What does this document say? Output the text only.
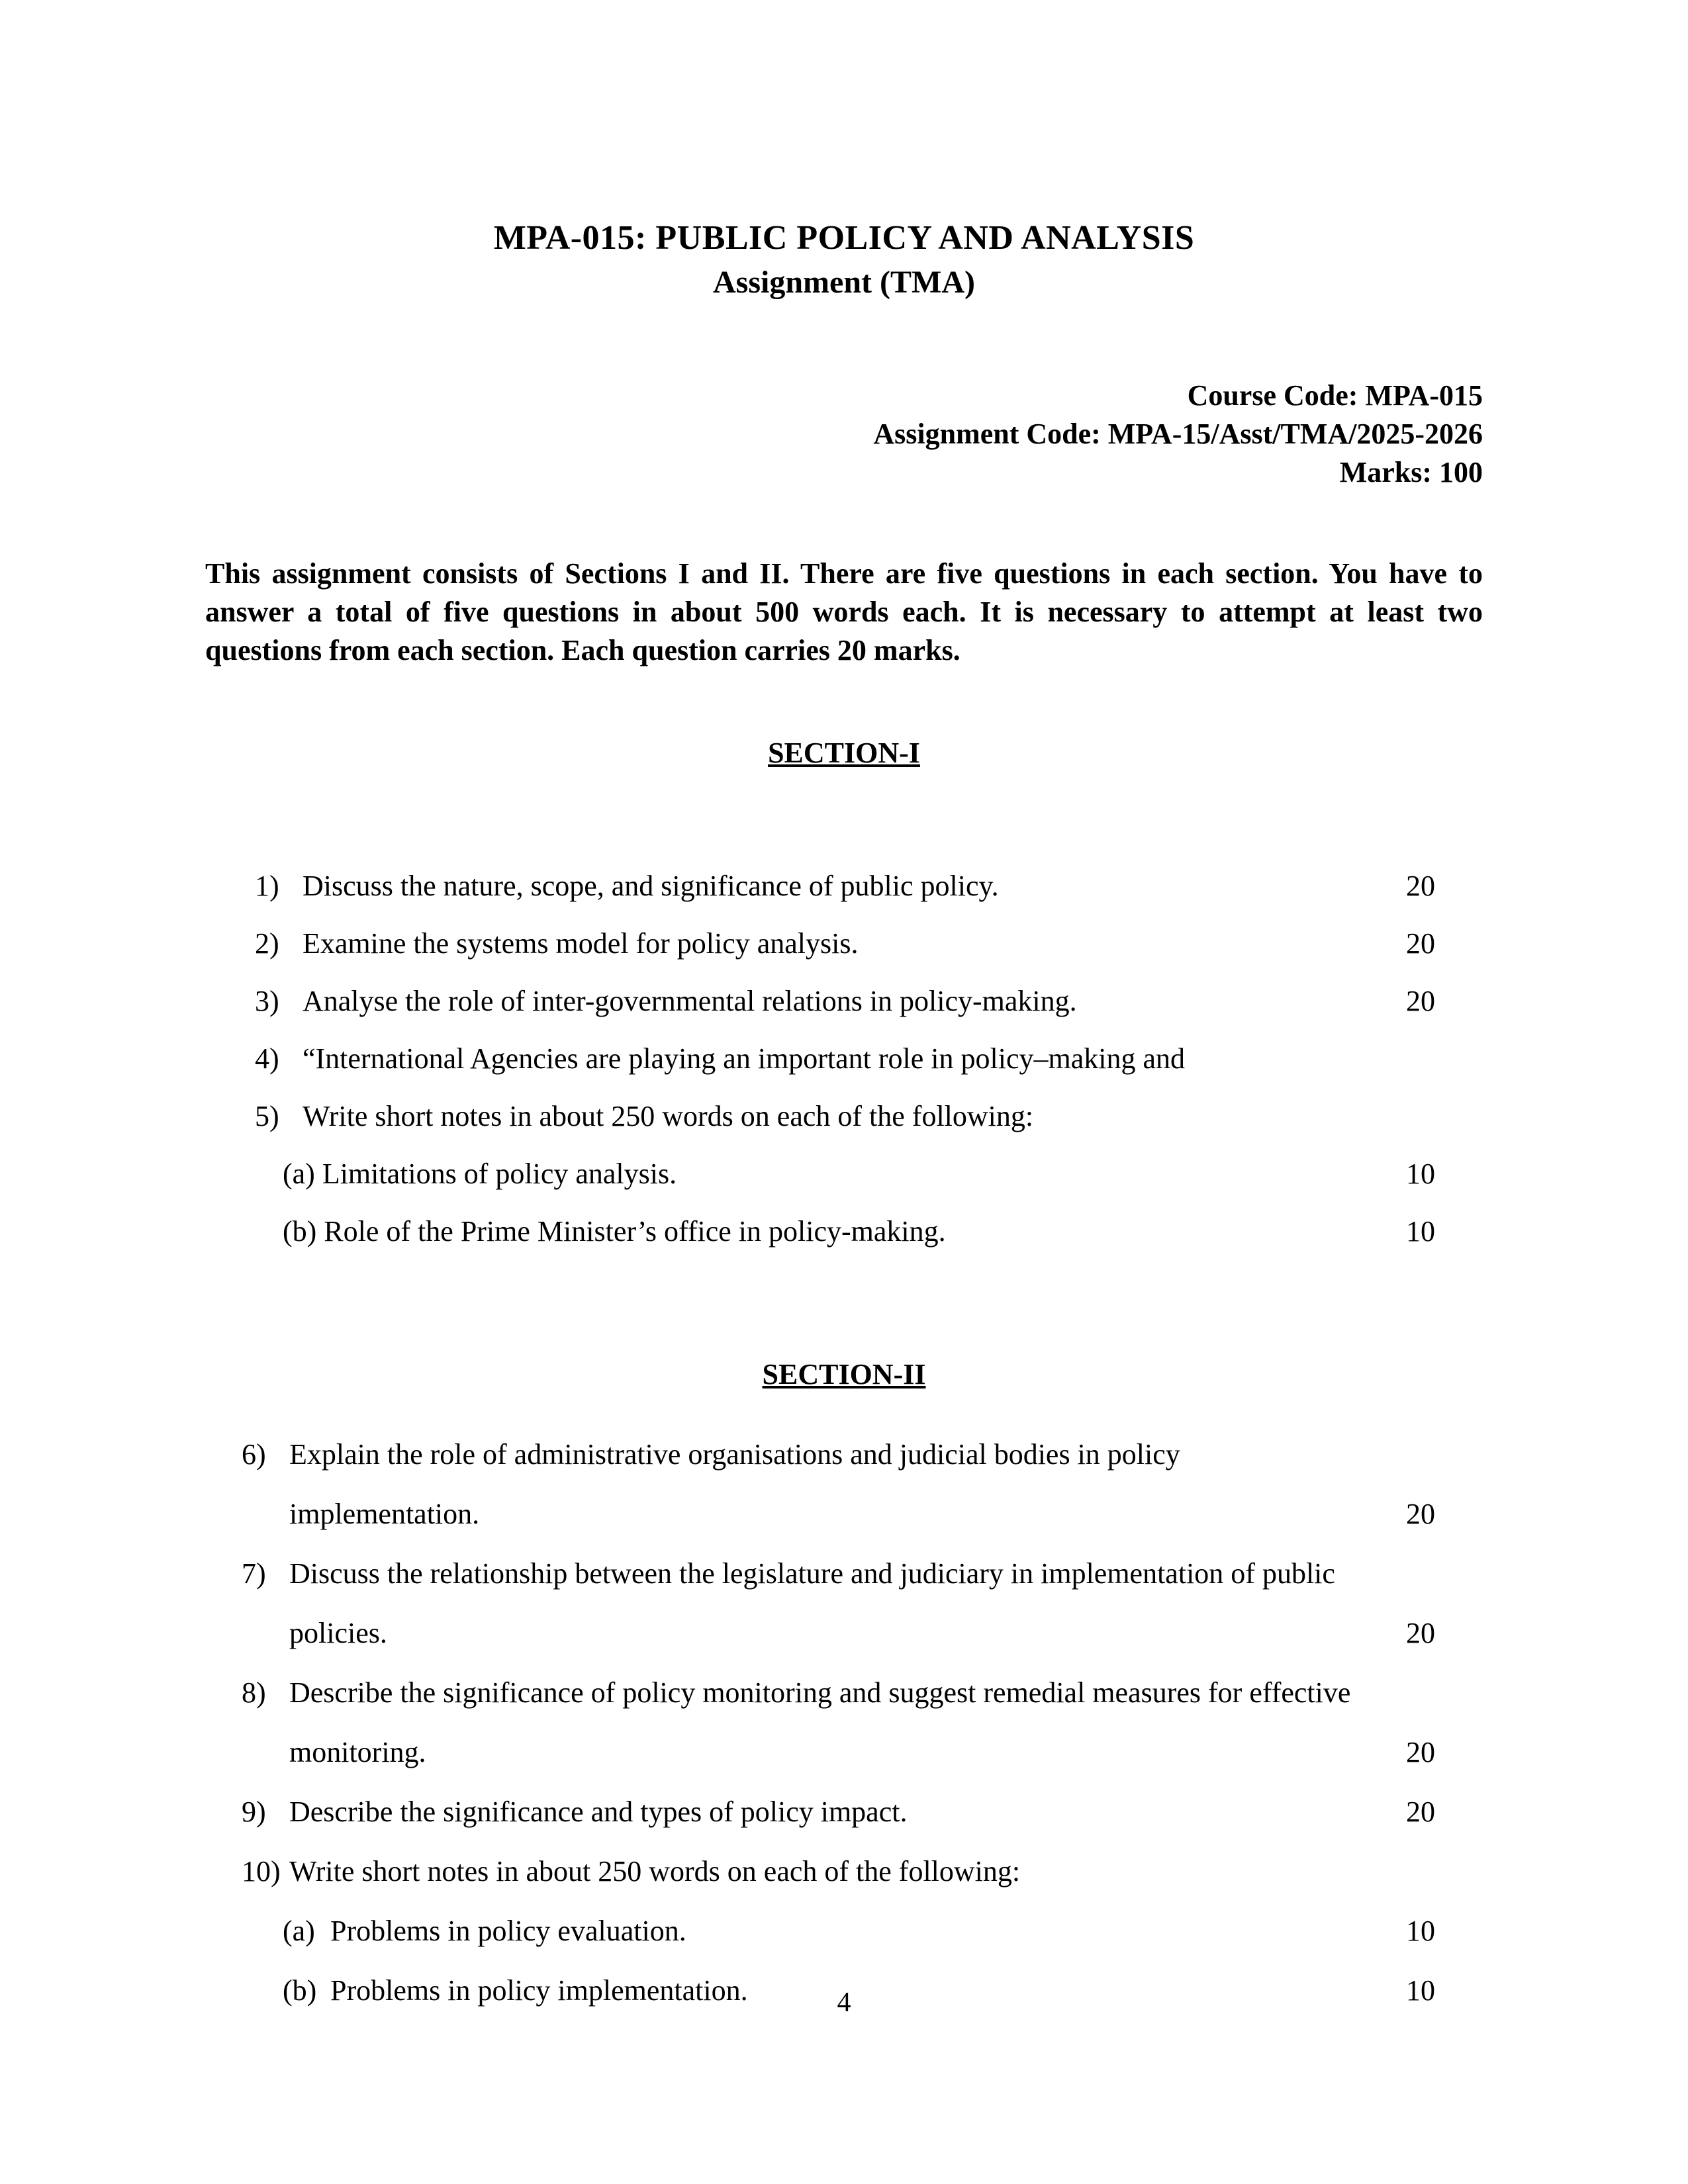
MPA-015: PUBLIC POLICY AND ANALYSIS
Assignment (TMA)
Course Code: MPA-015
Assignment Code: MPA-15/Asst/TMA/2025-2026
Marks: 100
This assignment consists of Sections I and II. There are five questions in each section. You have to answer a total of five questions in about 500 words each. It is necessary to attempt at least two questions from each section. Each question carries 20 marks.
SECTION-I
1) Discuss the nature, scope, and significance of public policy.	20
2) Examine the systems model for policy analysis.	20
3) Analyse the role of inter-governmental relations in policy-making.	20
4) “International Agencies are playing an important role in policy–making and
5) Write short notes in about 250 words on each of the following:
(a) Limitations of policy analysis.	10
(b) Role of the Prime Minister’s office in policy-making.	10
SECTION-II
6) Explain the role of administrative organisations and judicial bodies in policy
implementation.	20
7) Discuss the relationship between the legislature and judiciary in implementation of public
policies.	20
8) Describe the significance of policy monitoring and suggest remedial measures for effective
monitoring.	20
9) Describe the significance and types of policy impact.	20
10) Write short notes in about 250 words on each of the following:
(a) Problems in policy evaluation.	10
(b) Problems in policy implementation.	10
4
